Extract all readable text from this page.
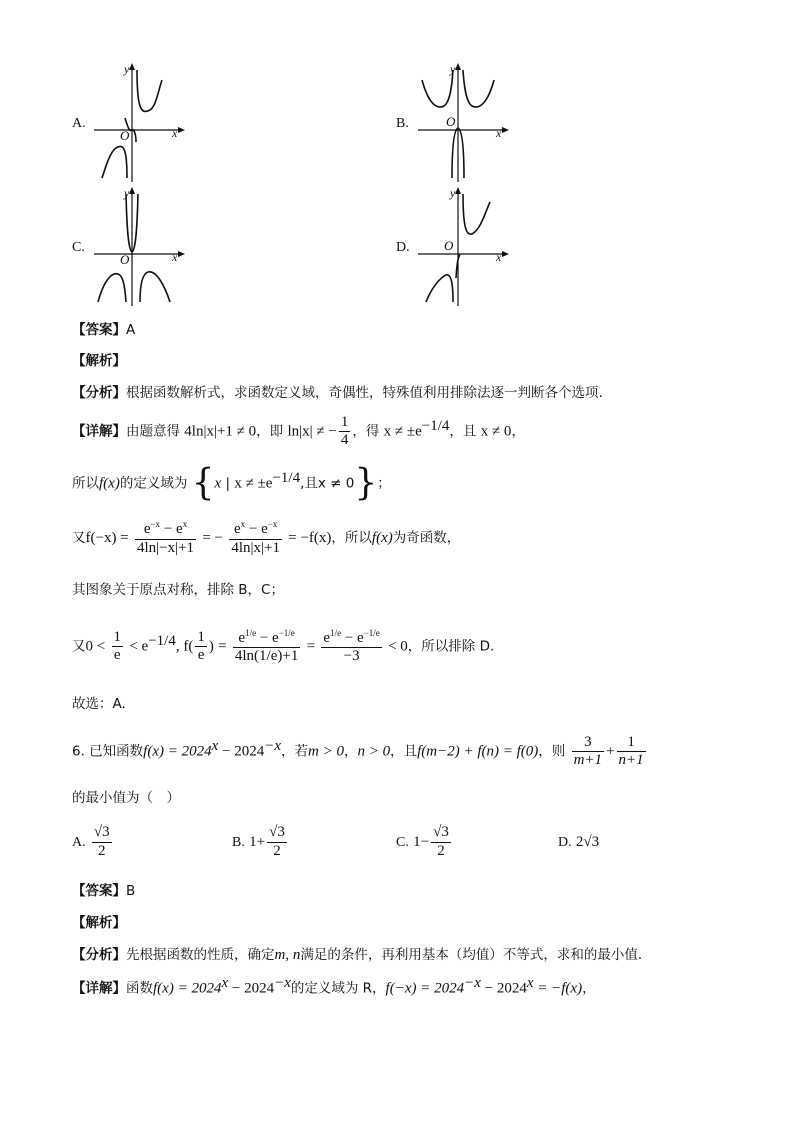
A.
O	x
y
B.	O
x
y
C.
O	x
y
D.	O
x
y
【答案】A
【解析】
【分析】根据函数解析式，求函数定义域，奇偶性，特殊值利用排除法逐一判断各个选项.
【详解】由题意得 4ln|x|+1 ≠ 0，即 ln|x| ≠ − $\frac{1}{4}$ ，得 $x \ne \pm e^{-1/4}$，且 x ≠ 0，
所以f(x)的定义域为 {x | $x \ne \pm e^{-1/4}$,且x ≠ 0}；
又$f(-x) = \frac{e^{-x} - e^x}{4\ln|-x|+1}$ = − $\frac{e^x - e^{-x}}{4\ln|x|+1} = -f(x)$，所以f(x)为奇函数，
其图象关于原点对称，排除 B，C；
又$0 < \frac{1}{e} < e^{-1/4}$, $f( \frac{1}{e}$ ) = $\frac{e^{1/e} - e^{-1/e}}{4\ln(1/e)+1} = \frac{e^{1/e} - e^{-1/e}}{-3} < 0$，所以排除 D.
故选：A.
6. 已知函数$f(x) = 2024^x - 2024^{-x}$，若m > 0，n > 0，且f(m−2) + f(n) = f(0)，则 $\frac{3}{m+1} + \frac{1}{n+1}$
的最小值为（　）
A. $\frac{√3}{2}$	B. $1+ \frac{√3}{2}$	C. $1- \frac{√3}{2}$	D. 2√3
【答案】B
【解析】
【分析】先根据函数的性质，确定m, n满足的条件，再利用基本（均值）不等式，求和的最小值.
【详解】函数$f(x) = 2024^x - 2024^{-x}$的定义域为 R，$f(-x) = 2024^{-x} - 2024^x = -f(x)$，
